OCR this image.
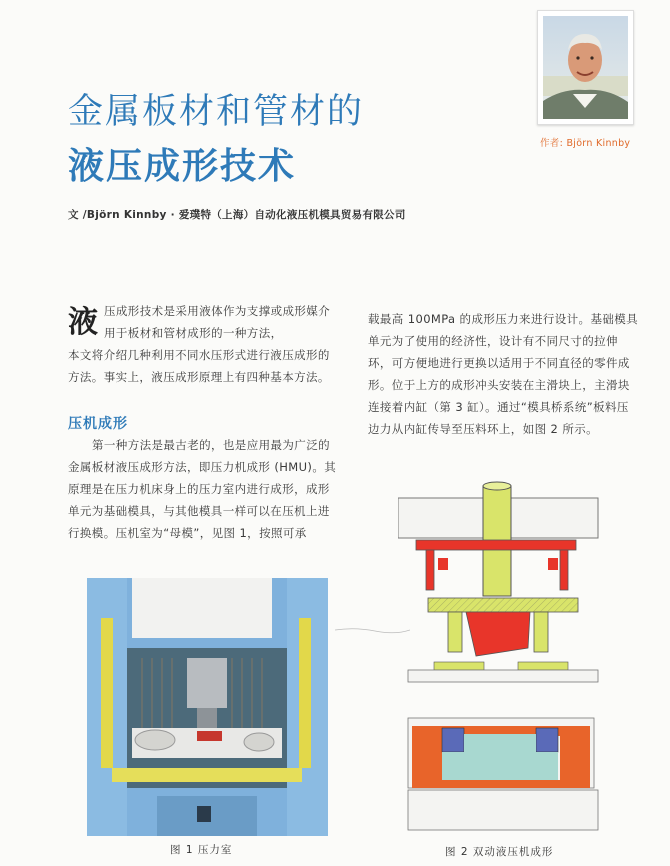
作者: Björn Kinnby
金属板材和管材的
液压成形技术
文 /Björn Kinnby · 爱璞特（上海）自动化液压机模具贸易有限公司
液 压成形技术是采用液体作为支撑或成形媒介用于板材和管材成形的一种方法，
本文将介绍几种利用不同水压形式进行液压成形的方法。事实上，液压成形原理上有四种基本方法。
压机成形
第一种方法是最古老的，也是应用最为广泛的金属板材液压成形方法，即压力机成形 (HMU)。其原理是在压力机床身上的压力室内进行成形，成形单元为基础模具，与其他模具一样可以在压机上进行换模。压机室为“母模”，见图 1，按照可承
载最高 100MPa 的成形压力来进行设计。基础模具单元为了使用的经济性，设计有不同尺寸的拉伸环，可方便地进行更换以适用于不同直径的零件成形。位于上方的成形冲头安装在主滑块上，主滑块连接着内缸（第 3 缸）。通过“模具桥系统”板料压边力从内缸传导至压料环上，如图 2 所示。
图 1 压力室	图 2 双动液压机成形
